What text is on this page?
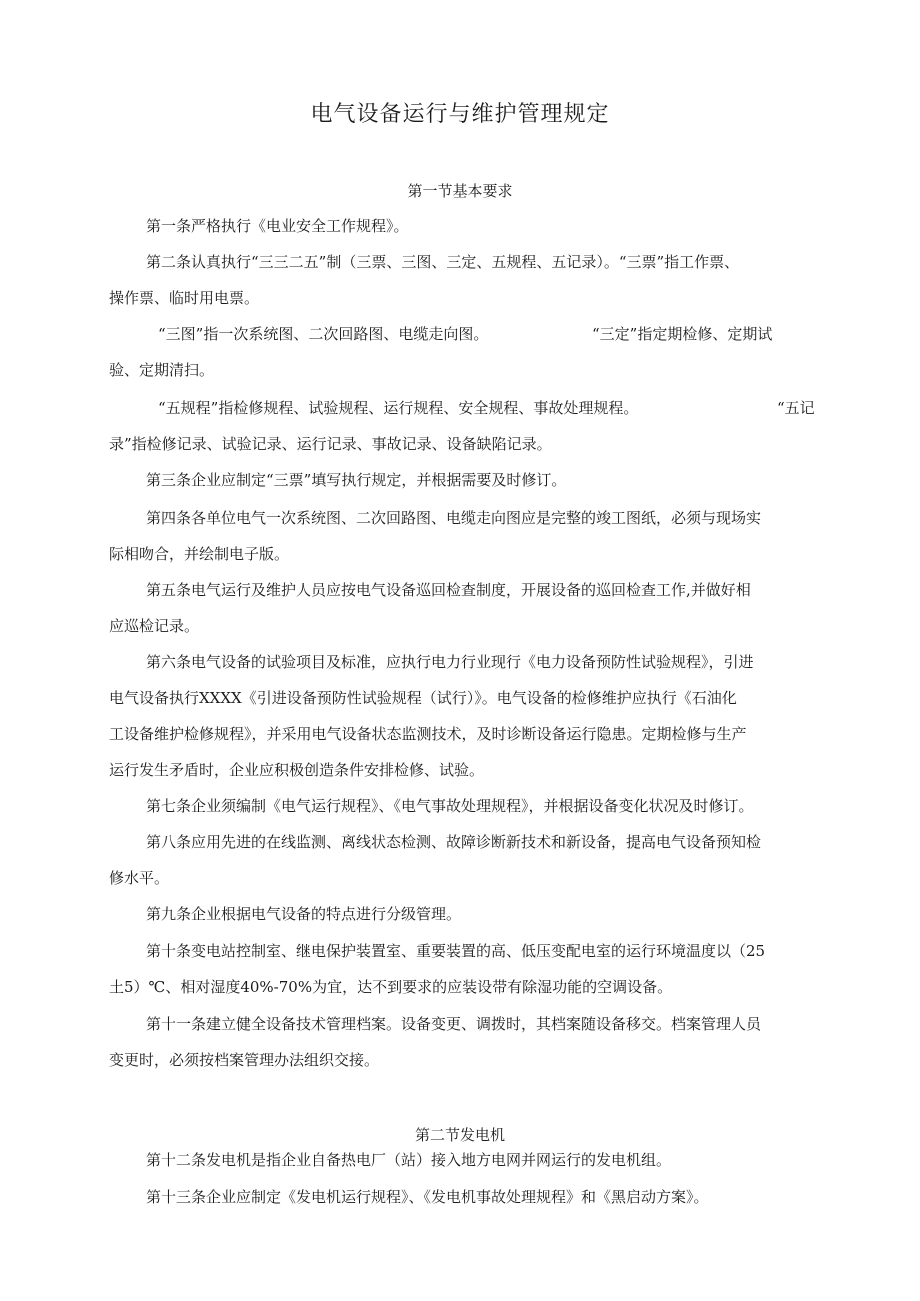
电气设备运行与维护管理规定
第一节基本要求
第一条严格执行《电业安全工作规程》。
第二条认真执行“三三二五”制（三票、三图、三定、五规程、五记录）。“三票”指工作票、
操作票、临时用电票。
“三图”指一次系统图、二次回路图、电缆走向图。	“三定”指定期检修、定期试
验、定期清扫。
“五规程”指检修规程、试验规程、运行规程、安全规程、事故处理规程。	“五记
录”指检修记录、试验记录、运行记录、事故记录、设备缺陷记录。
第三条企业应制定“三票”填写执行规定，并根据需要及时修订。
第四条各单位电气一次系统图、二次回路图、电缆走向图应是完整的竣工图纸，必须与现场实
际相吻合，并绘制电子版。
第五条电气运行及维护人员应按电气设备巡回检查制度，开展设备的巡回检查工作,并做好相
应巡检记录。
第六条电气设备的试验项目及标准，应执行电力行业现行《电力设备预防性试验规程》，引进
电气设备执行XXXX《引进设备预防性试验规程（试行）》。电气设备的检修维护应执行《石油化
工设备维护检修规程》，并采用电气设备状态监测技术，及时诊断设备运行隐患。定期检修与生产
运行发生矛盾时，企业应积极创造条件安排检修、试验。
第七条企业须编制《电气运行规程》、《电气事故处理规程》，并根据设备变化状况及时修订。
第八条应用先进的在线监测、离线状态检测、故障诊断新技术和新设备，提高电气设备预知检
修水平。
第九条企业根据电气设备的特点进行分级管理。
第十条变电站控制室、继电保护装置室、重要装置的高、低压变配电室的运行环境温度以（25
土5）℃、相对湿度40%-70%为宜，达不到要求的应装设带有除湿功能的空调设备。
第十一条建立健全设备技术管理档案。设备变更、调拨时，其档案随设备移交。档案管理人员
变更时，必须按档案管理办法组织交接。
第二节发电机
第十二条发电机是指企业自备热电厂（站）接入地方电网并网运行的发电机组。
第十三条企业应制定《发电机运行规程》、《发电机事故处理规程》和《黑启动方案》。
